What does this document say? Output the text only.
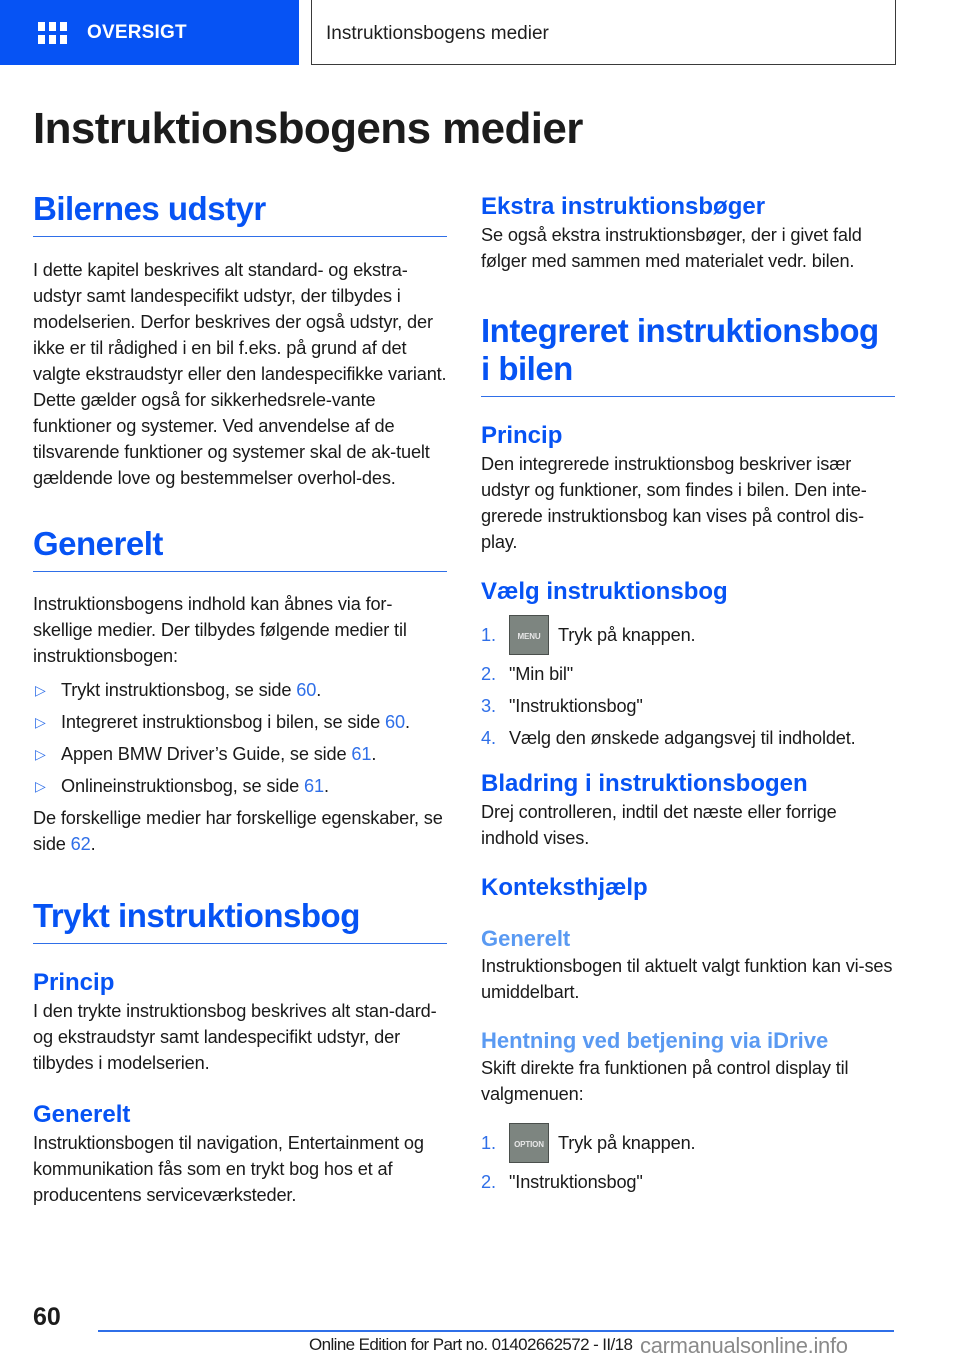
OVERSIGT	Instruktionsbogens medier
Instruktionsbogens medier
Bilernes udstyr

I dette kapitel beskrives alt standard- og ekstra-udstyr samt landespecifikt udstyr, der tilbydes i modelserien. Derfor beskrives der også udstyr, der ikke er til rådighed i en bil f.eks. på grund af det valgte ekstraudstyr eller den landespecifikke variant. Dette gælder også for sikkerhedsrele-vante funktioner og systemer. Ved anvendelse af de tilsvarende funktioner og systemer skal de ak-tuelt gældende love og bestemmelser overhol-des.

Generelt

Instruktionsbogens indhold kan åbnes via for-skellige medier. Der tilbydes følgende medier til instruktionsbogen:

▷ Trykt instruktionsbog, se side 60.
▷ Integreret instruktionsbog i bilen, se side 60.
▷ Appen BMW Driver’s Guide, se side 61.
▷ Onlineinstruktionsbog, se side 61.

De forskellige medier har forskellige egenskaber, se side 62.

Trykt instruktionsbog
Princip

I den trykte instruktionsbog beskrives alt stan-dard- og ekstraudstyr samt landespecifikt udstyr, der tilbydes i modelserien.

Generelt

Instruktionsbogen til navigation, Entertainment og kommunikation fås som en trykt bog hos et af producentens serviceværksteder.

Ekstra instruktionsbøger

Se også ekstra instruktionsbøger, der i givet fald følger med sammen med materialet vedr. bilen.

Integreret instruktionsbog i bilen
Princip

Den integrerede instruktionsbog beskriver især udstyr og funktioner, som findes i bilen. Den inte-grerede instruktionsbog kan vises på control dis-play.

Vælg instruktionsbog
1.	MENU Tryk på knappen.
2. "Min bil"
3. "Instruktionsbog"
4. Vælg den ønskede adgangsvej til indholdet.
Bladring i instruktionsbogen

Drej controlleren, indtil det næste eller forrige indhold vises.

Konteksthjælp
Generelt

Instruktionsbogen til aktuelt valgt funktion kan vi-ses umiddelbart.

Hentning ved betjening via iDrive

Skift direkte fra funktionen på control display til valgmenuen:

1.	OPTION Tryk på knappen.
2. "Instruktionsbog"
60
Online Edition for Part no. 01402662572 - II/18 carmanualsonline.info
